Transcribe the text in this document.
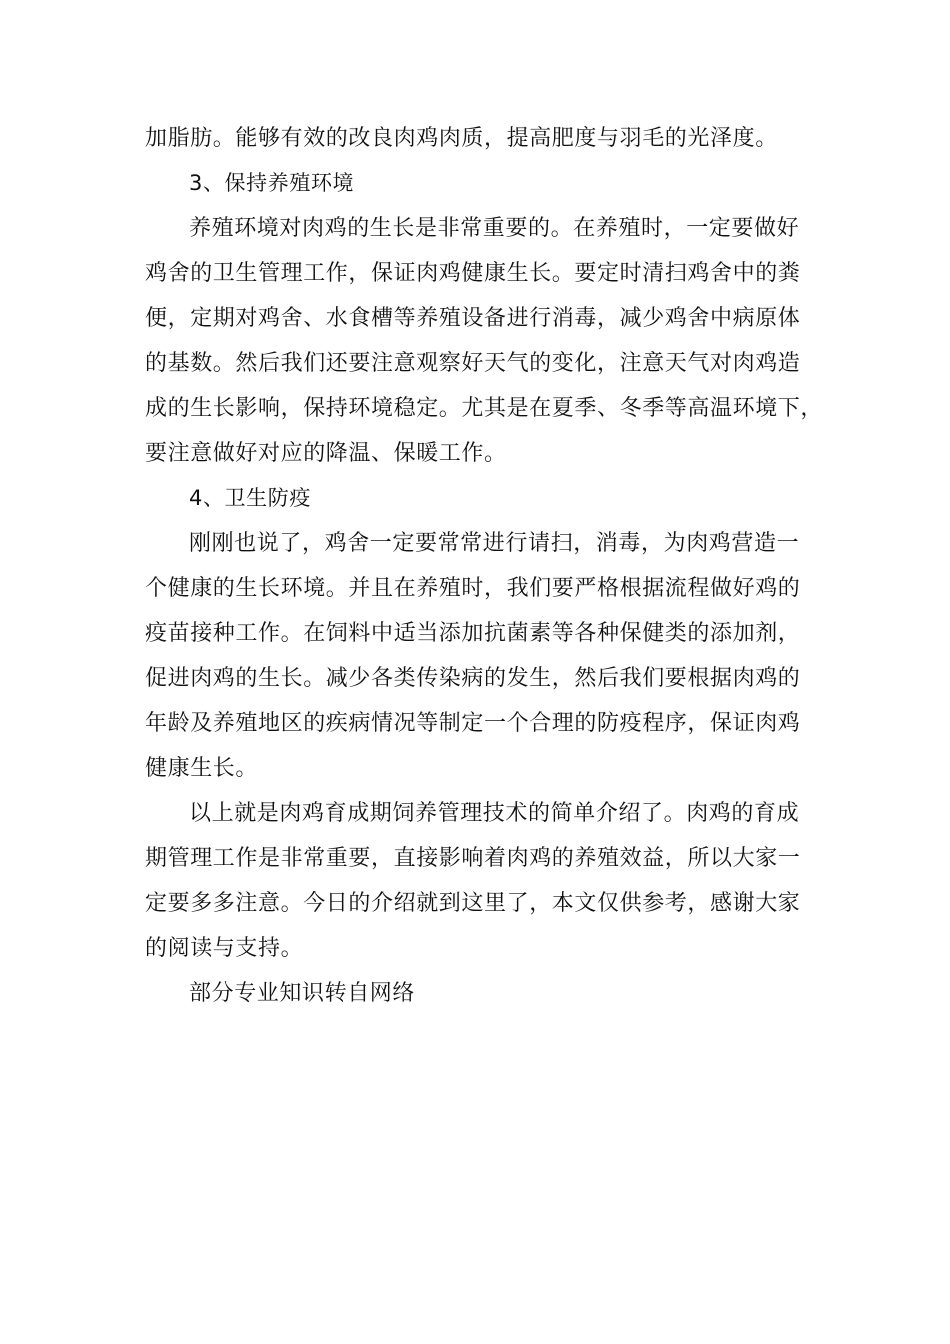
加脂肪。能够有效的改良肉鸡肉质，提高肥度与羽毛的光泽度。
3、保持养殖环境
养殖环境对肉鸡的生长是非常重要的。在养殖时，一定要做好
鸡舍的卫生管理工作，保证肉鸡健康生长。要定时清扫鸡舍中的粪
便，定期对鸡舍、水食槽等养殖设备进行消毒，减少鸡舍中病原体
的基数。然后我们还要注意观察好天气的变化，注意天气对肉鸡造
成的生长影响，保持环境稳定。尤其是在夏季、冬季等高温环境下，
要注意做好对应的降温、保暖工作。
4、卫生防疫
刚刚也说了，鸡舍一定要常常进行请扫，消毒，为肉鸡营造一
个健康的生长环境。并且在养殖时，我们要严格根据流程做好鸡的
疫苗接种工作。在饲料中适当添加抗菌素等各种保健类的添加剂，
促进肉鸡的生长。减少各类传染病的发生，然后我们要根据肉鸡的
年龄及养殖地区的疾病情况等制定一个合理的防疫程序，保证肉鸡
健康生长。
以上就是肉鸡育成期饲养管理技术的简单介绍了。肉鸡的育成
期管理工作是非常重要，直接影响着肉鸡的养殖效益，所以大家一
定要多多注意。今日的介绍就到这里了，本文仅供参考，感谢大家
的阅读与支持。
部分专业知识转自网络
